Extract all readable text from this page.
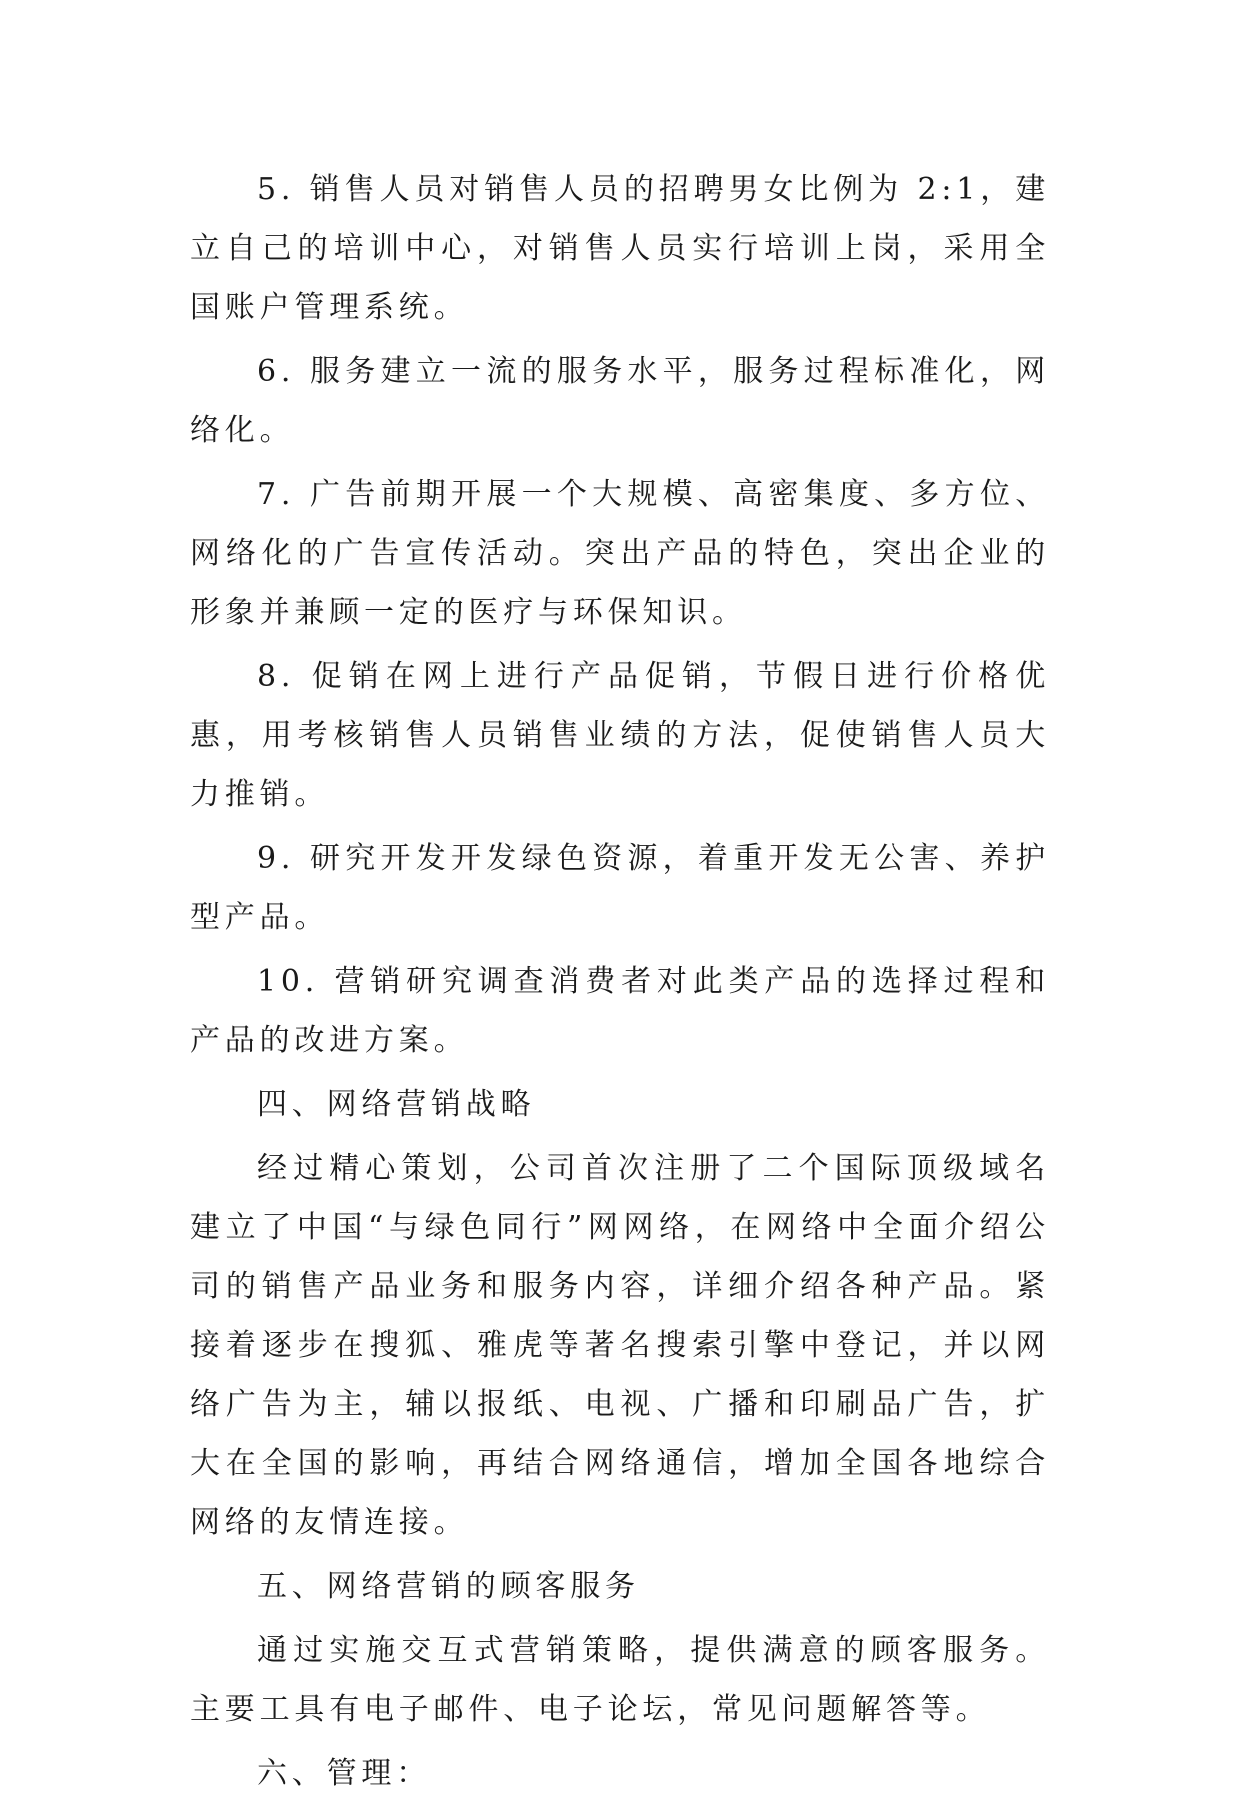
5. 销售人员对销售人员的招聘男女比例为 2:1，建立自己的培训中心，对销售人员实行培训上岗，采用全国账户管理系统。

6. 服务建立一流的服务水平，服务过程标准化，网络化。

7. 广告前期开展一个大规模、高密集度、多方位、网络化的广告宣传活动。突出产品的特色，突出企业的形象并兼顾一定的医疗与环保知识。

8. 促销在网上进行产品促销，节假日进行价格优惠，用考核销售人员销售业绩的方法，促使销售人员大力推销。

9. 研究开发开发绿色资源，着重开发无公害、养护型产品。

10. 营销研究调查消费者对此类产品的选择过程和产品的改进方案。

四、网络营销战略

经过精心策划，公司首次注册了二个国际顶级域名建立了中国“与绿色同行”网网络，在网络中全面介绍公司的销售产品业务和服务内容，详细介绍各种产品。紧接着逐步在搜狐、雅虎等著名搜索引擎中登记，并以网络广告为主，辅以报纸、电视、广播和印刷品广告，扩大在全国的影响，再结合网络通信，增加全国各地综合网络的友情连接。

五、网络营销的顾客服务

通过实施交互式营销策略，提供满意的顾客服务。主要工具有电子邮件、电子论坛，常见问题解答等。

六、管理：
